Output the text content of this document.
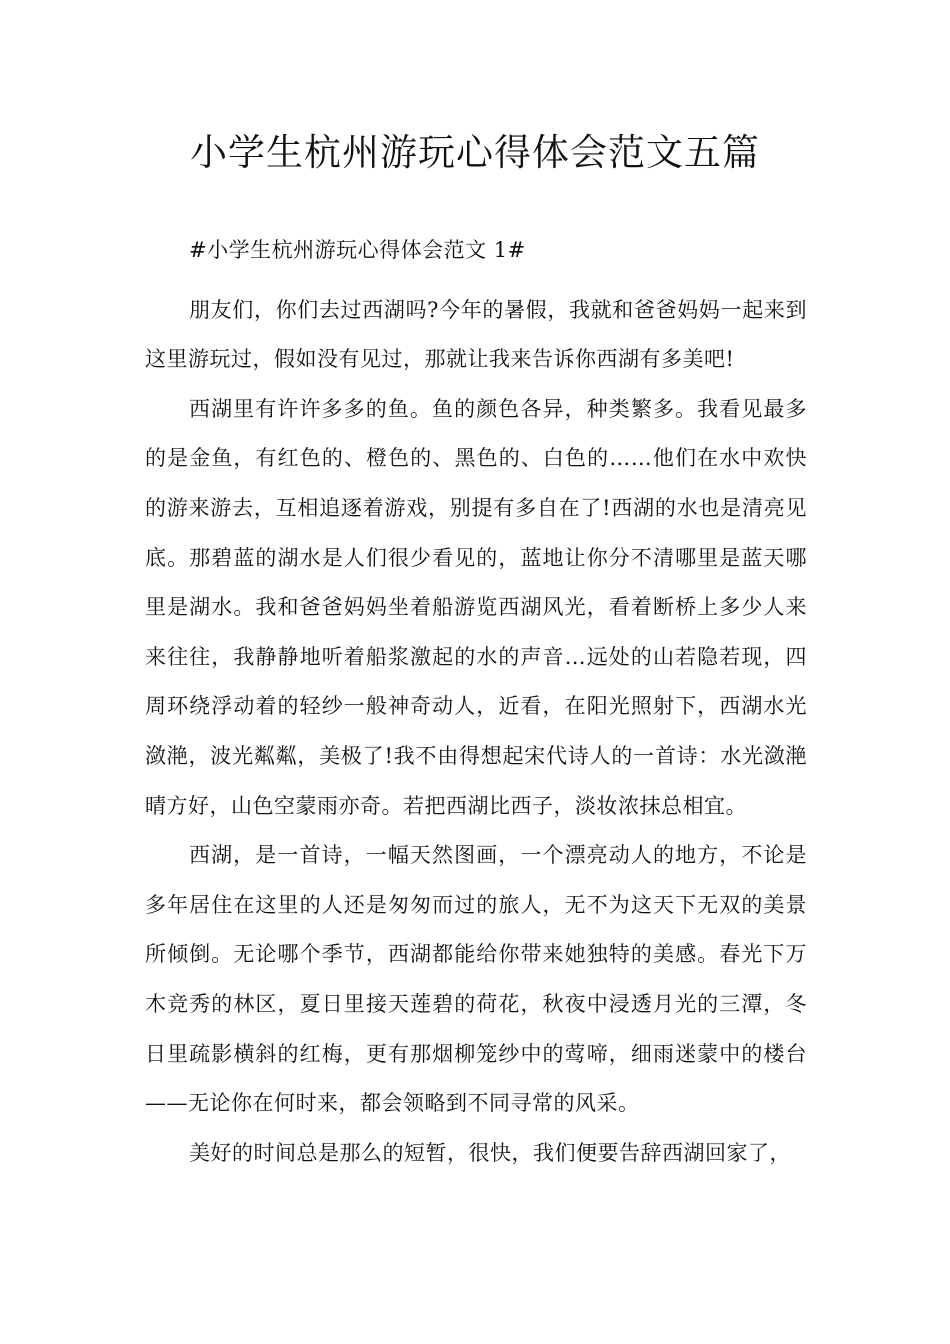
小学生杭州游玩心得体会范文五篇

#小学生杭州游玩心得体会范文 1#

朋友们，你们去过西湖吗?今年的暑假，我就和爸爸妈妈一起来到这里游玩过，假如没有见过，那就让我来告诉你西湖有多美吧!

西湖里有许许多多的鱼。鱼的颜色各异，种类繁多。我看见最多的是金鱼，有红色的、橙色的、黑色的、白色的……他们在水中欢快的游来游去，互相追逐着游戏，别提有多自在了!西湖的水也是清亮见底。那碧蓝的湖水是人们很少看见的，蓝地让你分不清哪里是蓝天哪里是湖水。我和爸爸妈妈坐着船游览西湖风光，看着断桥上多少人来来往往，我静静地听着船浆激起的水的声音…远处的山若隐若现，四周环绕浮动着的轻纱一般神奇动人，近看，在阳光照射下，西湖水光潋滟，波光粼粼，美极了!我不由得想起宋代诗人的一首诗：水光潋滟晴方好，山色空蒙雨亦奇。若把西湖比西子，淡妆浓抹总相宜。

西湖，是一首诗，一幅天然图画，一个漂亮动人的地方，不论是多年居住在这里的人还是匆匆而过的旅人，无不为这天下无双的美景所倾倒。无论哪个季节，西湖都能给你带来她独特的美感。春光下万木竞秀的林区，夏日里接天莲碧的荷花，秋夜中浸透月光的三潭，冬日里疏影横斜的红梅，更有那烟柳笼纱中的莺啼，细雨迷蒙中的楼台——无论你在何时来，都会领略到不同寻常的风采。

美好的时间总是那么的短暂，很快，我们便要告辞西湖回家了，
